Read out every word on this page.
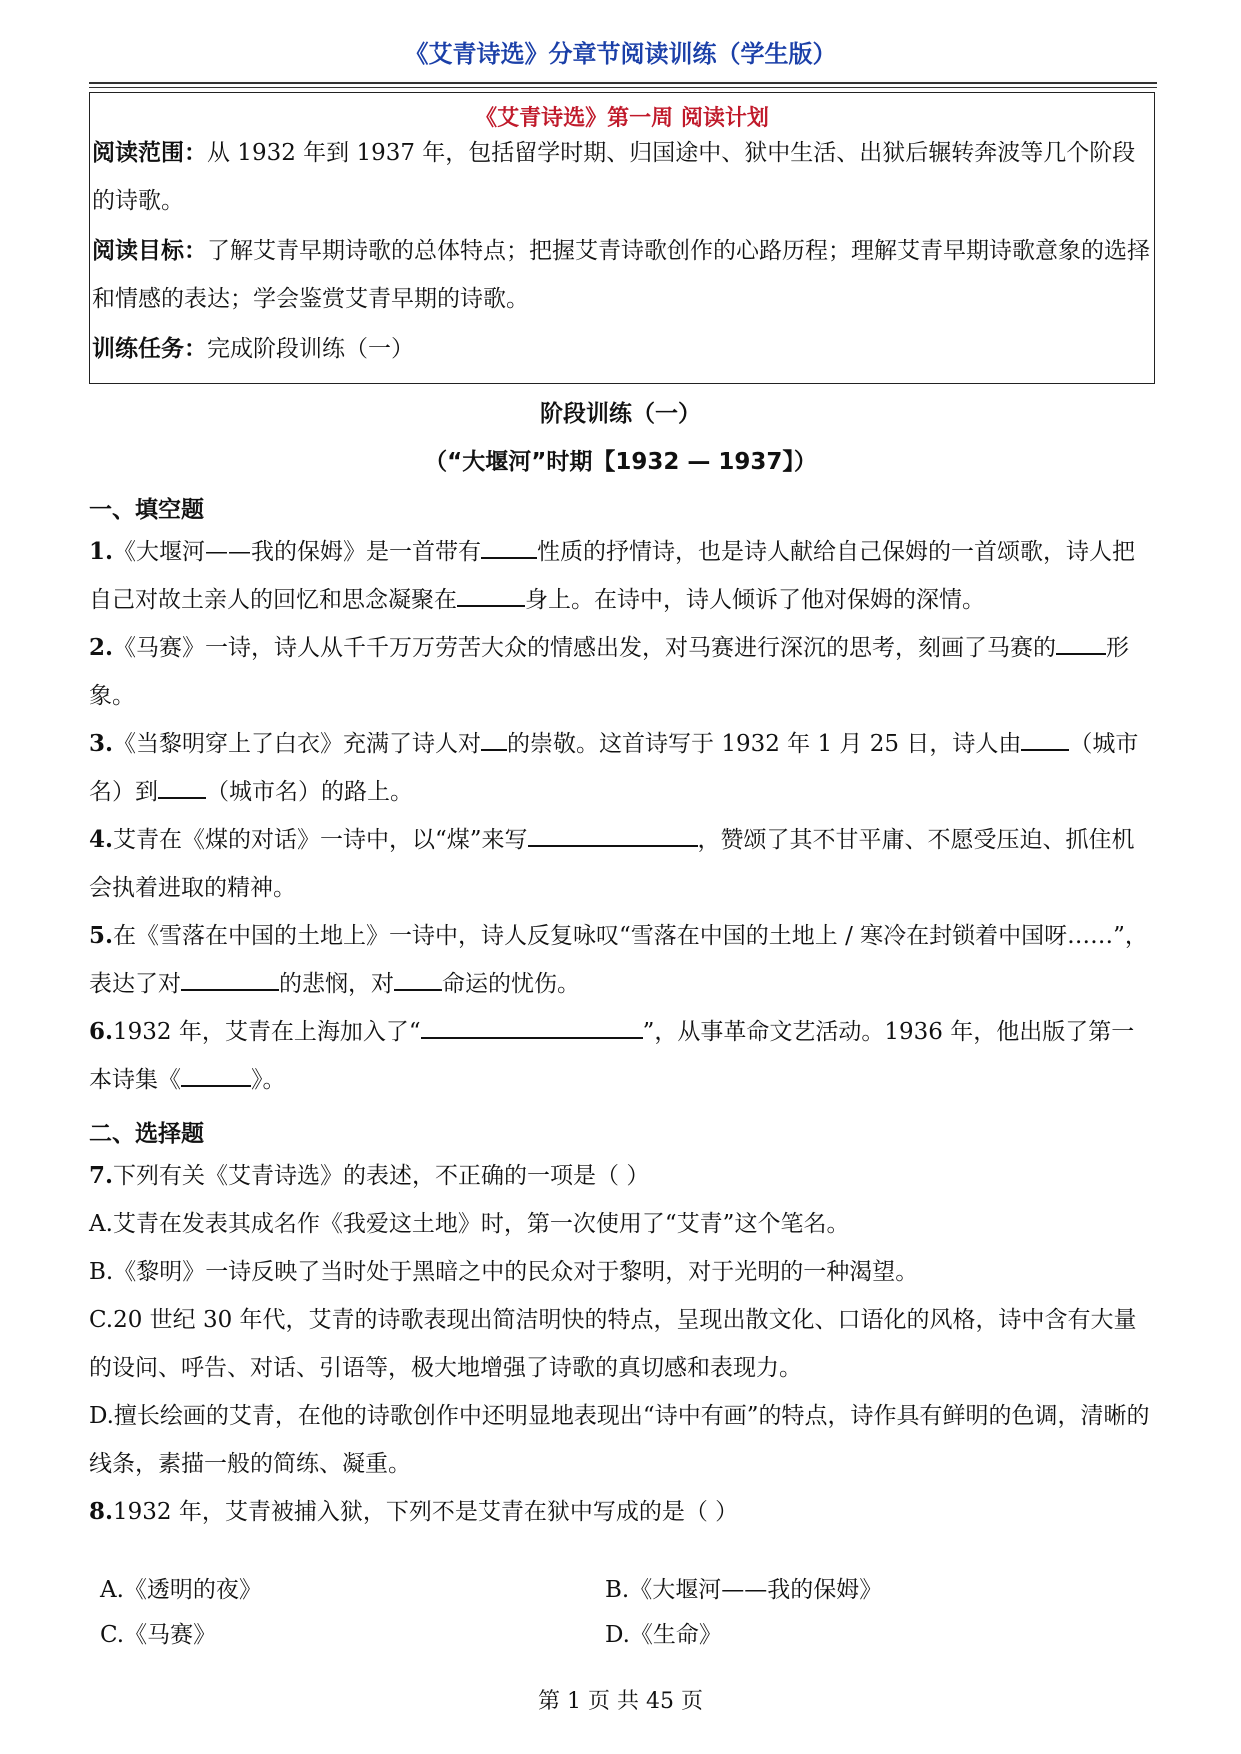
《艾青诗选》分章节阅读训练（学生版）
《艾青诗选》第一周 阅读计划
阅读范围：从 1932 年到 1937 年，包括留学时期、归国途中、狱中生活、出狱后辗转奔波等几个阶段的诗歌。
阅读目标：了解艾青早期诗歌的总体特点；把握艾青诗歌创作的心路历程；理解艾青早期诗歌意象的选择和情感的表达；学会鉴赏艾青早期的诗歌。
训练任务：完成阶段训练（一）
阶段训练（一）
（“大堰河”时期【1932 — 1937】）
一、填空题
1.《大堰河——我的保姆》是一首带有 性质的抒情诗，也是诗人献给自己保姆的一首颂歌，诗人把自己对故土亲人的回忆和思念凝聚在	身上。在诗中，诗人倾诉了他对保姆的深情。
2.《马赛》一诗，诗人从千千万万劳苦大众的情感出发，对马赛进行深沉的思考，刻画了马赛的 形象。
3.《当黎明穿上了白衣》充满了诗人对 的崇敬。这首诗写于 1932 年 1 月 25 日，诗人由 （城市名）到 （城市名）的路上。
4.艾青在《煤的对话》一诗中，以“煤”来写	，赞颂了其不甘平庸、不愿受压迫、抓住机会执着进取的精神。
5.在《雪落在中国的土地上》一诗中，诗人反复咏叹“雪落在中国的土地上 / 寒冷在封锁着中国呀……”，表达了对	的悲悯，对 命运的忧伤。
6.1932 年，艾青在上海加入了“	”，从事革命文艺活动。1936 年，他出版了第一本诗集《	》。
二、选择题
7.下列有关《艾青诗选》的表述，不正确的一项是（ ）
A.艾青在发表其成名作《我爱这土地》时，第一次使用了“艾青”这个笔名。
B.《黎明》一诗反映了当时处于黑暗之中的民众对于黎明，对于光明的一种渴望。
C.20 世纪 30 年代，艾青的诗歌表现出简洁明快的特点，呈现出散文化、口语化的风格，诗中含有大量的设问、呼告、对话、引语等，极大地增强了诗歌的真切感和表现力。
D.擅长绘画的艾青，在他的诗歌创作中还明显地表现出“诗中有画”的特点，诗作具有鲜明的色调，清晰的线条，素描一般的简练、凝重。
8.1932 年，艾青被捕入狱，下列不是艾青在狱中写成的是（ ）
A.《透明的夜》	B.《大堰河——我的保姆》
C.《马赛》	D.《生命》
第 1 页 共 45 页
